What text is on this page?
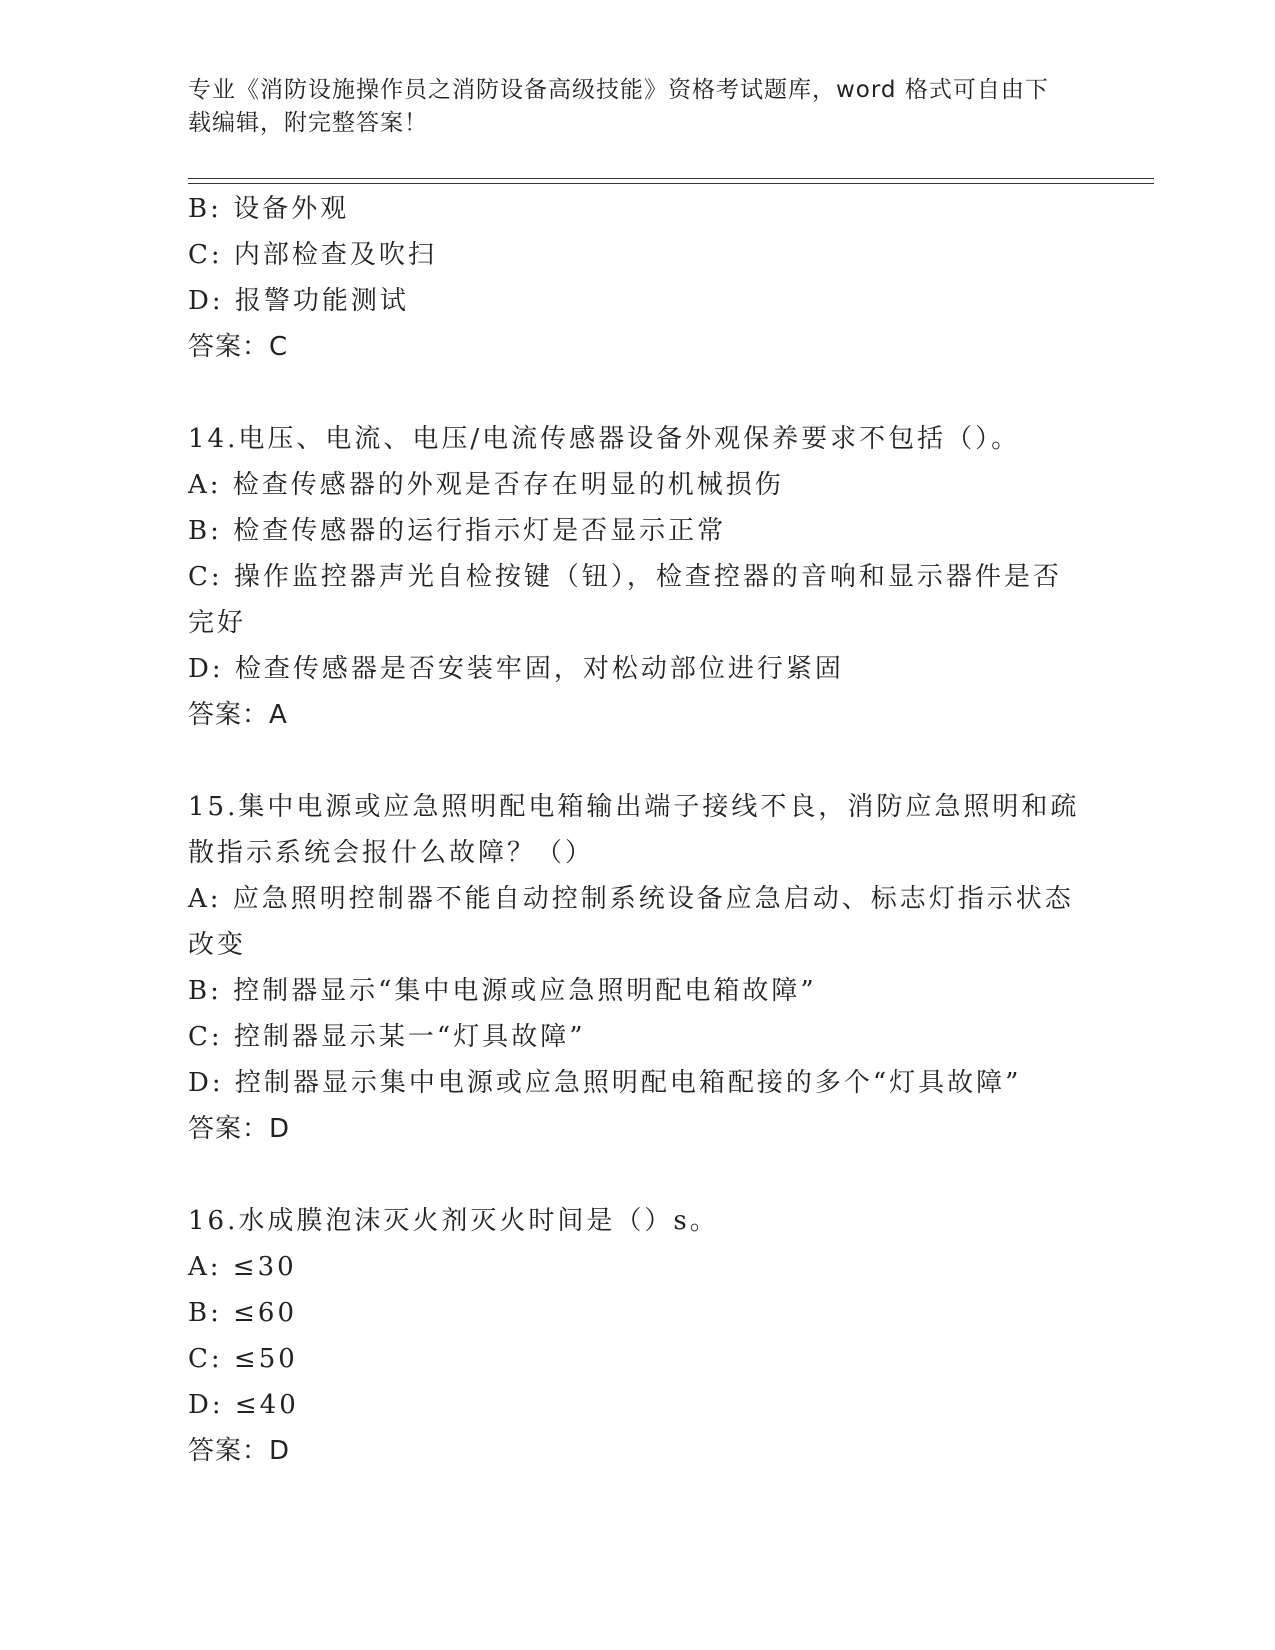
专业《消防设施操作员之消防设备高级技能》资格考试题库，word 格式可自由下载编辑，附完整答案！
B: 设备外观
C: 内部检查及吹扫
D: 报警功能测试
答案：C
14.电压、电流、电压/电流传感器设备外观保养要求不包括（）。
A: 检查传感器的外观是否存在明显的机械损伤
B: 检查传感器的运行指示灯是否显示正常
C: 操作监控器声光自检按键（钮），检查控器的音响和显示器件是否完好
D: 检查传感器是否安装牢固，对松动部位进行紧固
答案：A
15.集中电源或应急照明配电箱输出端子接线不良，消防应急照明和疏散指示系统会报什么故障？（）
A: 应急照明控制器不能自动控制系统设备应急启动、标志灯指示状态改变
B: 控制器显示“集中电源或应急照明配电箱故障”
C: 控制器显示某一“灯具故障”
D: 控制器显示集中电源或应急照明配电箱配接的多个“灯具故障”
答案：D
16.水成膜泡沫灭火剂灭火时间是（）s。
A: ≤30
B: ≤60
C: ≤50
D: ≤40
答案：D
